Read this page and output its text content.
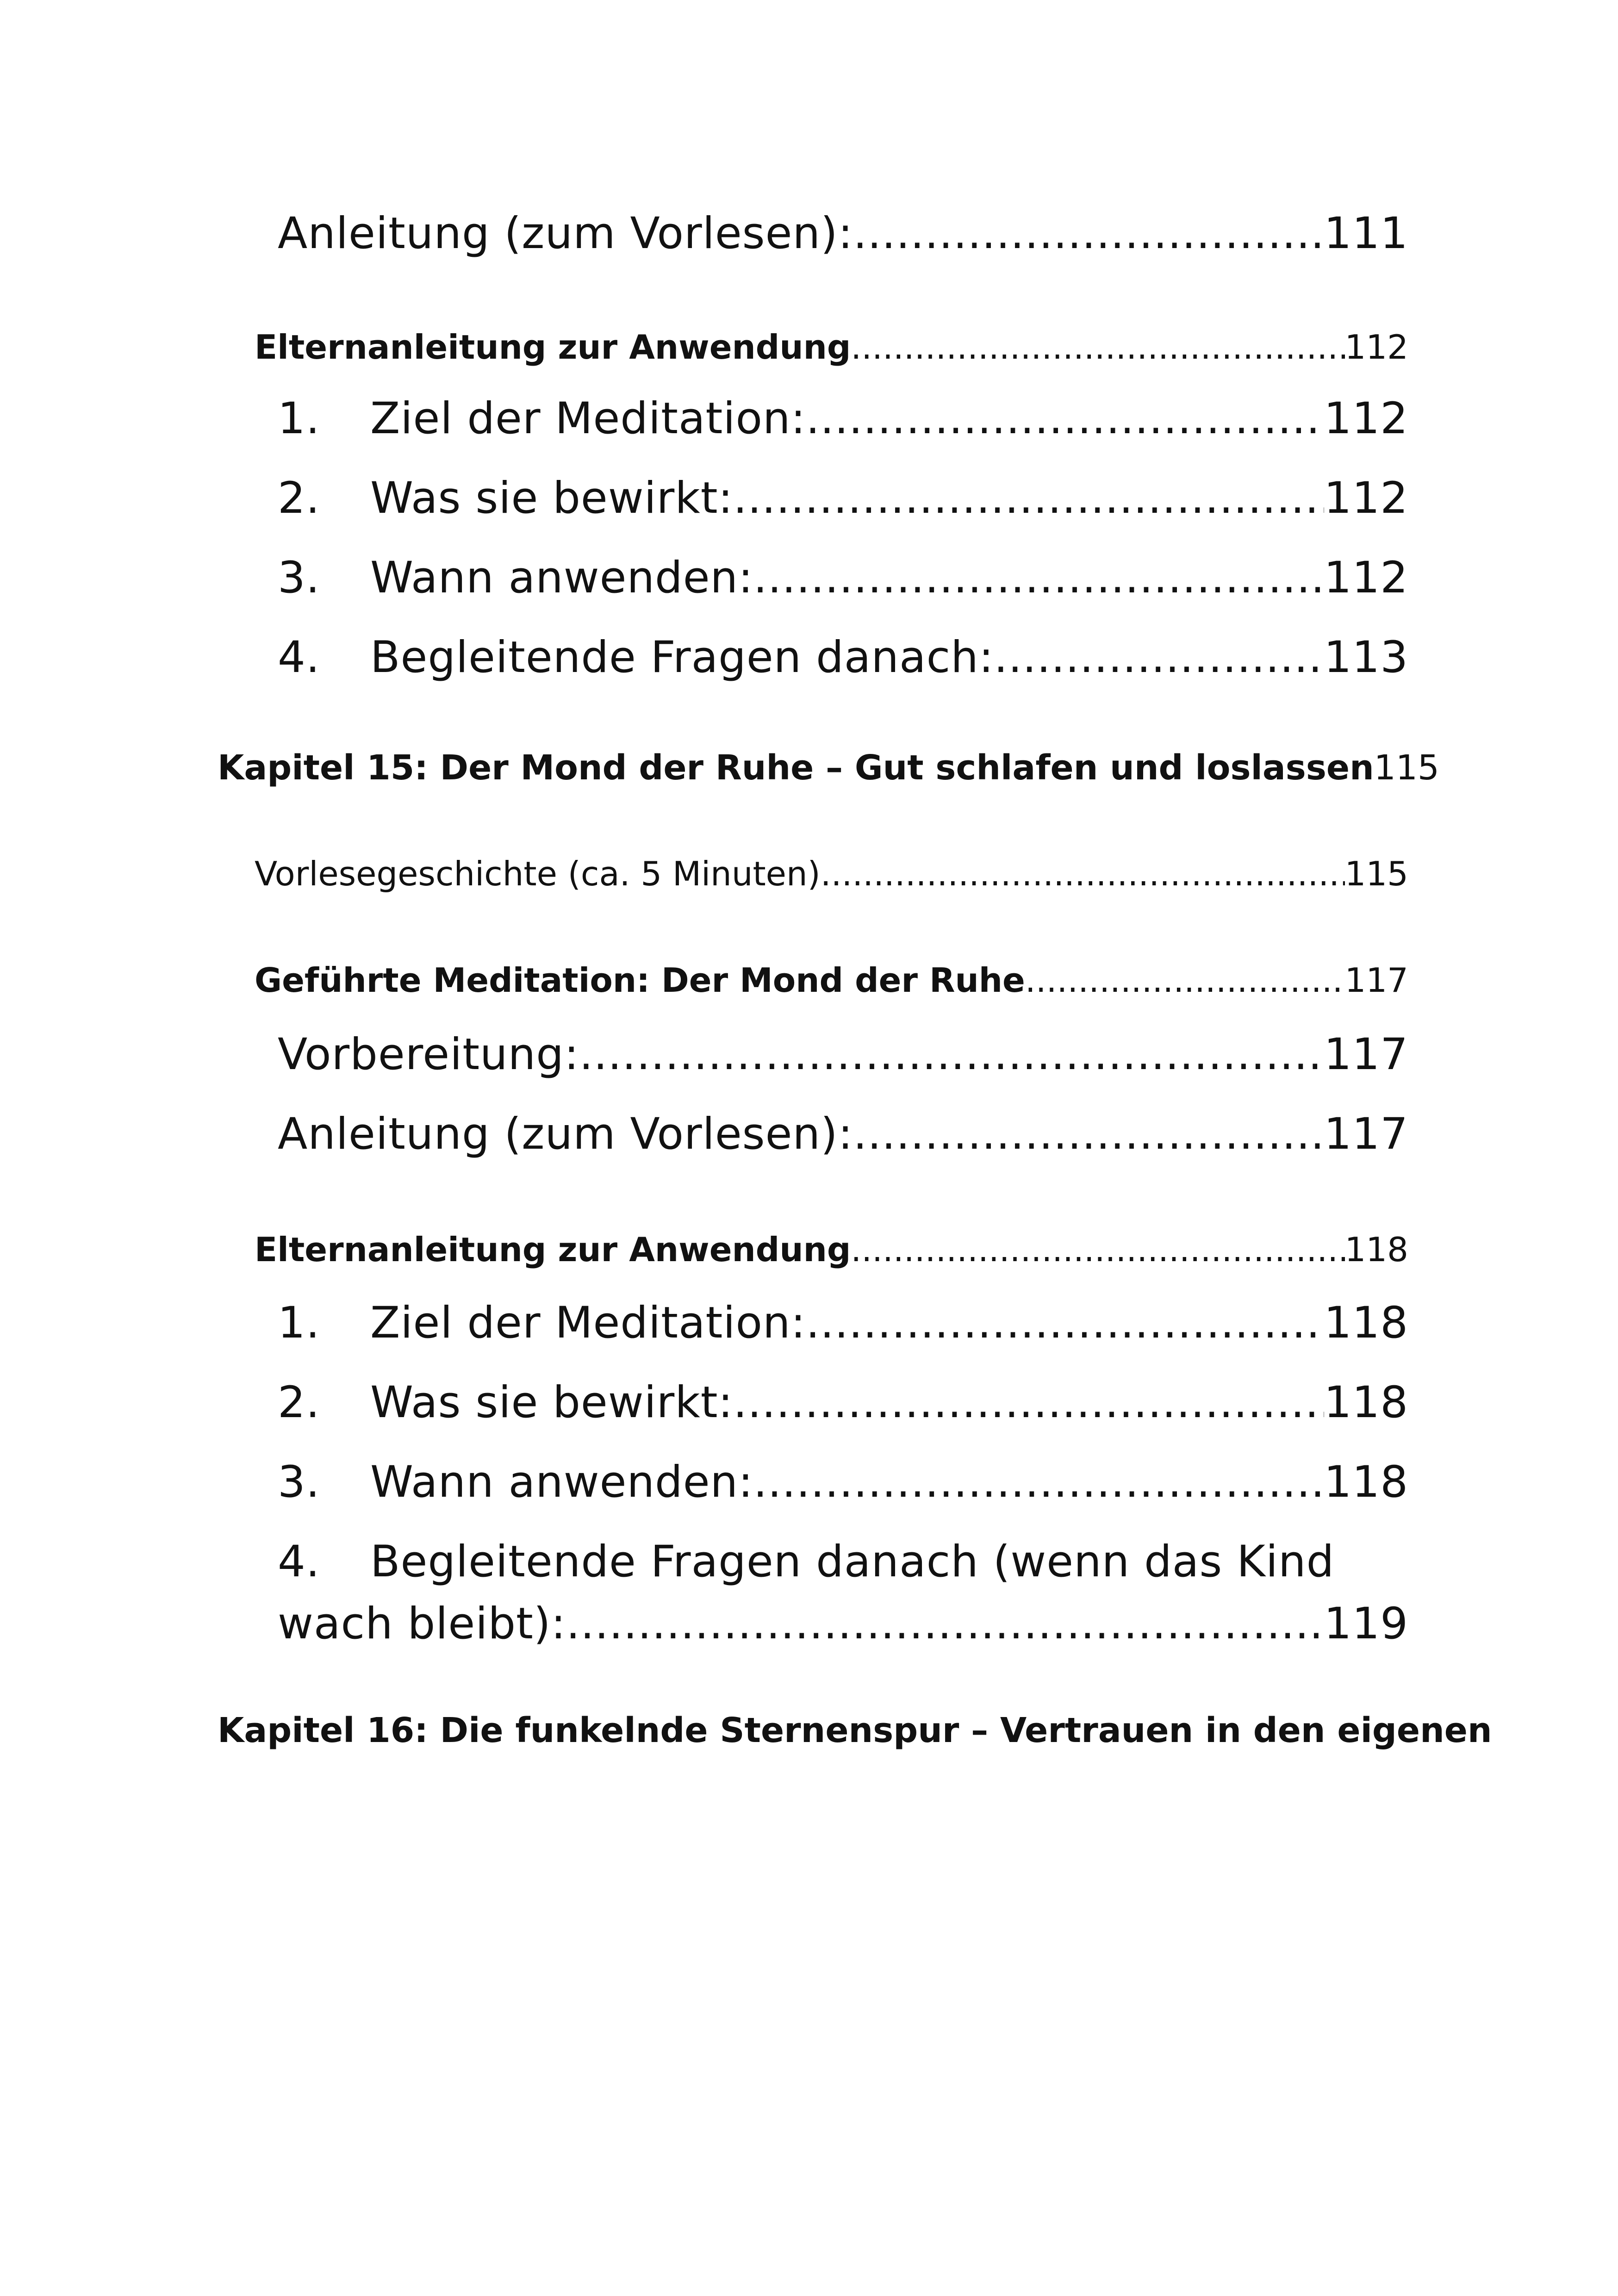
Anleitung (zum Vorlesen): .....	111
Elternanleitung zur Anwendung .....	112
1.	Ziel der Meditation: .....	112
2.	Was sie bewirkt: .....	112
3.	Wann anwenden: .....	112
4.	Begleitende Fragen danach: .....	113
Kapitel 15: Der Mond der Ruhe – Gut schlafen und loslassen 115
Vorlesegeschichte (ca. 5 Minuten) .....	115
Geführte Meditation: Der Mond der Ruhe .....	117
Vorbereitung: .....	117
Anleitung (zum Vorlesen): .....	117
Elternanleitung zur Anwendung .....	118
1.	Ziel der Meditation: .....	118
2.	Was sie bewirkt: .....	118
3.	Wann anwenden: .....	118
4.	Begleitende Fragen danach (wenn das Kind
wach bleibt): .....	119
Kapitel 16: Die funkelnde Sternenspur – Vertrauen in den eigenen
